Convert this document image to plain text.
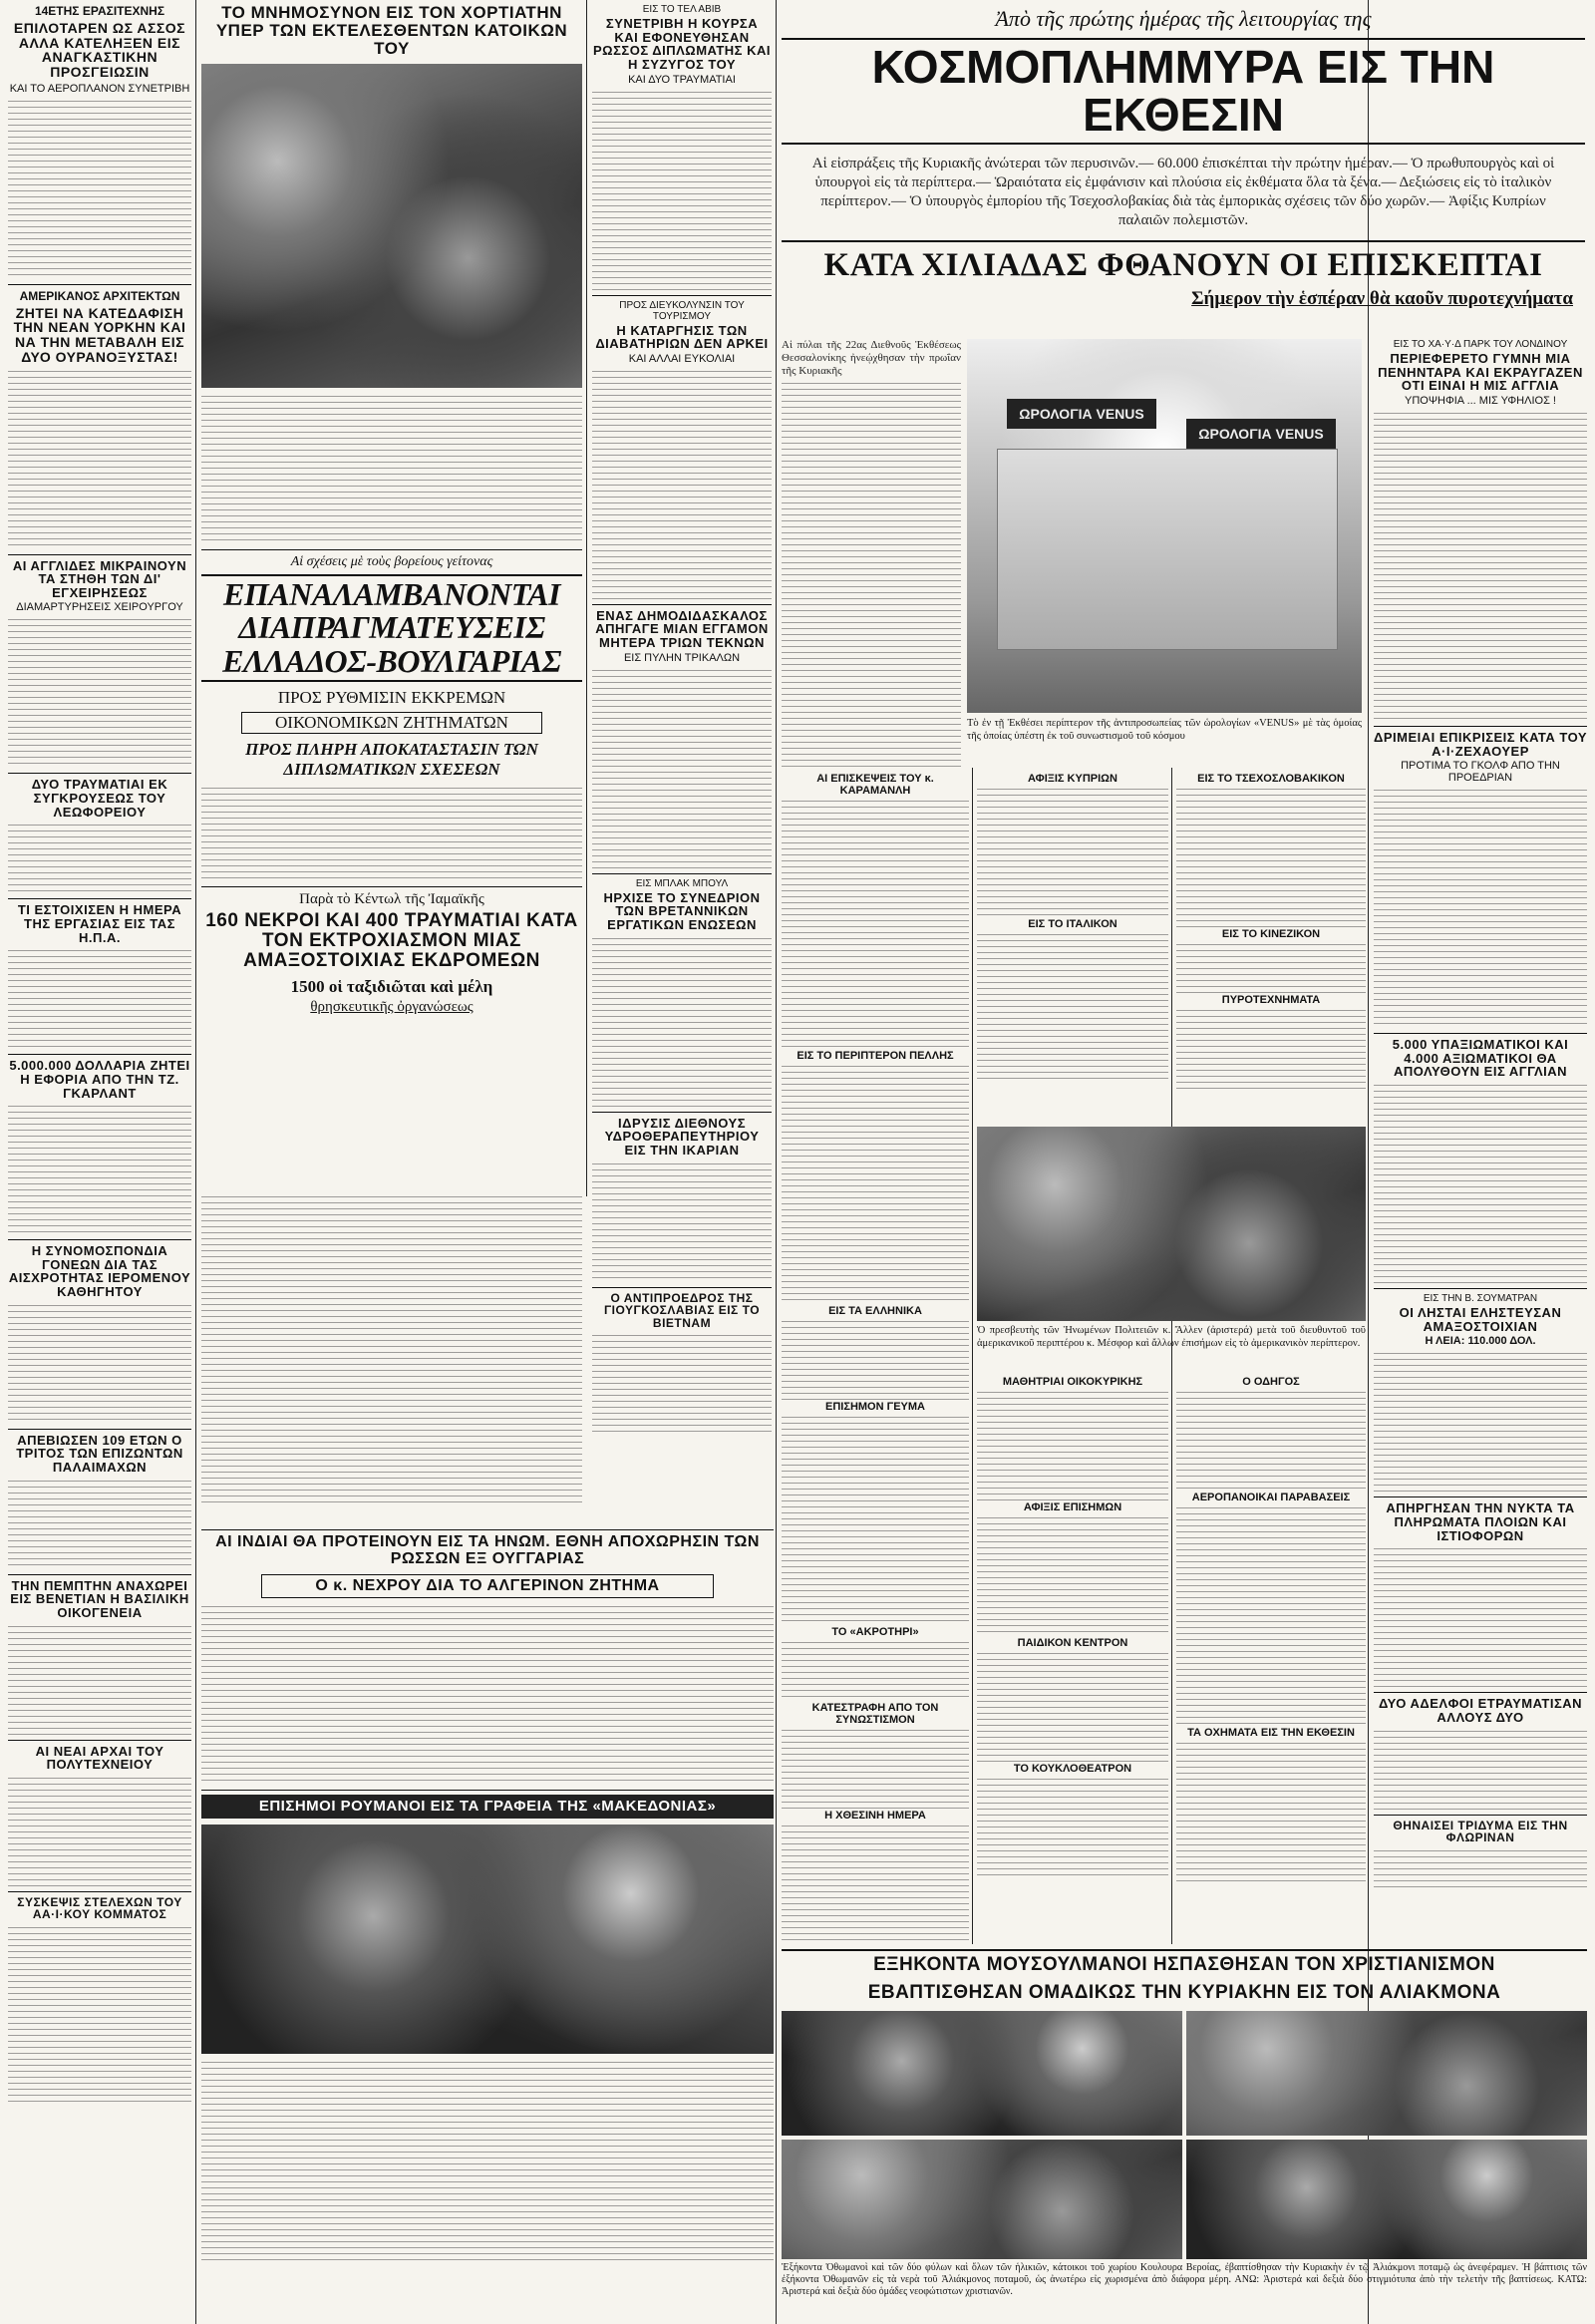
14ΕΤΗΣ ΕΡΑΣΙΤΕΧΝΗΣ

ΕΠΙΛΟΤΑΡΕΝ ΩΣ ΑΣΣΟΣ ΑΛΛΑ ΚΑΤΕΛΗΞΕΝ ΕΙΣ ΑΝΑΓΚΑΣΤΙΚΗΝ ΠΡΟΣΓΕΙΩΣΙΝ

ΚΑΙ ΤΟ ΑΕΡΟΠΛΑΝΟΝ ΣΥΝΕΤΡΙΒΗ

ΑΜΕΡΙΚΑΝΟΣ ΑΡΧΙΤΕΚΤΩΝ

ΖΗΤΕΙ ΝΑ ΚΑΤΕΔΑΦΙΣΗ ΤΗΝ ΝΕΑΝ ΥΟΡΚΗΝ ΚΑΙ ΝΑ ΤΗΝ ΜΕΤΑΒΑΛΗ ΕΙΣ ΔΥΟ ΟΥΡΑΝΟΞΥΣΤΑΣ!

ΑΙ ΑΓΓΛΙΔΕΣ ΜΙΚΡΑΙΝΟΥΝ ΤΑ ΣΤΗΘΗ ΤΩΝ ΔΙ' ΕΓΧΕΙΡΗΣΕΩΣ

ΔΙΑΜΑΡΤΥΡΗΣΕΙΣ ΧΕΙΡΟΥΡΓΟΥ

ΔΥΟ ΤΡΑΥΜΑΤΙΑΙ ΕΚ ΣΥΓΚΡΟΥΣΕΩΣ ΤΟΥ ΛΕΩΦΟΡΕΙΟΥ

ΤΙ ΕΣΤΟΙΧΙΣΕΝ Η ΗΜΕΡΑ ΤΗΣ ΕΡΓΑΣΙΑΣ ΕΙΣ ΤΑΣ Η.Π.Α.

5.000.000 ΔΟΛΛΑΡΙΑ ΖΗΤΕΙ Η ΕΦΟΡΙΑ ΑΠΟ ΤΗΝ ΤΖ. ΓΚΑΡΛΑΝΤ

Η ΣΥΝΟΜΟΣΠΟΝΔΙΑ ΓΟΝΕΩΝ ΔΙΑ ΤΑΣ ΑΙΣΧΡΟΤΗΤΑΣ ΙΕΡΟΜΕΝΟΥ ΚΑΘΗΓΗΤΟΥ

ΑΠΕΒΙΩΣΕΝ 109 ΕΤΩΝ Ο ΤΡΙΤΟΣ ΤΩΝ ΕΠΙΖΩΝΤΩΝ ΠΑΛΑΙΜΑΧΩΝ

ΤΗΝ ΠΕΜΠΤΗΝ ΑΝΑΧΩΡΕΙ ΕΙΣ ΒΕΝΕΤΙΑΝ Η ΒΑΣΙΛΙΚΗ ΟΙΚΟΓΕΝΕΙΑ

ΑΙ ΝΕΑΙ ΑΡΧΑΙ ΤΟΥ ΠΟΛΥΤΕΧΝΕΙΟΥ

ΣΥΣΚΕΨΙΣ ΣΤΕΛΕΧΩΝ ΤΟΥ ΑΑ·Ι·ΚΟΥ ΚΟΜΜΑΤΟΣ

ΤΟ ΜΝΗΜΟΣΥΝΟΝ ΕΙΣ ΤΟΝ ΧΟΡΤΙΑΤΗΝ ΥΠΕΡ ΤΩΝ ΕΚΤΕΛΕΣΘΕΝΤΩΝ ΚΑΤΟΙΚΩΝ ΤΟΥ

Αἱ σχέσεις μὲ τοὺς βορείους γείτονας

ΕΠΑΝΑΛΑΜΒΑΝΟΝΤΑΙ ΔΙΑΠΡΑΓΜΑΤΕΥΣΕΙΣ ΕΛΛΑΔΟΣ-ΒΟΥΛΓΑΡΙΑΣ

ΠΡΟΣ ΡΥΘΜΙΣΙΝ ΕΚΚΡΕΜΩΝ

ΟΙΚΟΝΟΜΙΚΩΝ ΖΗΤΗΜΑΤΩΝ

ΠΡΟΣ ΠΛΗΡΗ ΑΠΟΚΑΤΑΣΤΑΣΙΝ ΤΩΝ ΔΙΠΛΩΜΑΤΙΚΩΝ ΣΧΕΣΕΩΝ

Παρὰ τὸ Κέντωλ τῆς Ἰαμαϊκῆς

160 ΝΕΚΡΟΙ ΚΑΙ 400 ΤΡΑΥΜΑΤΙΑΙ ΚΑΤΑ ΤΟΝ ΕΚΤΡΟΧΙΑΣΜΟΝ ΜΙΑΣ ΑΜΑΞΟΣΤΟΙΧΙΑΣ ΕΚΔΡΟΜΕΩΝ

1500 οἱ ταξιδιῶται καὶ μέλη

θρησκευτικῆς ὀργανώσεως

ΑΙ ΙΝΔΙΑΙ ΘΑ ΠΡΟΤΕΙΝΟΥΝ ΕΙΣ ΤΑ ΗΝΩΜ. ΕΘΝΗ ΑΠΟΧΩΡΗΣΙΝ ΤΩΝ ΡΩΣΣΩΝ ΕΞ ΟΥΓΓΑΡΙΑΣ

Ο κ. ΝΕΧΡΟΥ ΔΙΑ ΤΟ ΑΛΓΕΡΙΝΟΝ ΖΗΤΗΜΑ

ΕΠΙΣΗΜΟΙ ΡΟΥΜΑΝΟΙ ΕΙΣ ΤΑ ΓΡΑΦΕΙΑ ΤΗΣ «ΜΑΚΕΔΟΝΙΑΣ»

ΕΙΣ ΤΟ ΤΕΛ ΑΒΙΒ

ΣΥΝΕΤΡΙΒΗ Η ΚΟΥΡΣΑ ΚΑΙ ΕΦΟΝΕΥΘΗΣΑΝ ΡΩΣΣΟΣ ΔΙΠΛΩΜΑΤΗΣ ΚΑΙ Η ΣΥΖΥΓΟΣ ΤΟΥ

ΚΑΙ ΔΥΟ ΤΡΑΥΜΑΤΙΑΙ

ΠΡΟΣ ΔΙΕΥΚΟΛΥΝΣΙΝ ΤΟΥ ΤΟΥΡΙΣΜΟΥ

Η ΚΑΤΑΡΓΗΣΙΣ ΤΩΝ ΔΙΑΒΑΤΗΡΙΩΝ ΔΕΝ ΑΡΚΕΙ

ΚΑΙ ΑΛΛΑΙ ΕΥΚΟΛΙΑΙ

ΕΝΑΣ ΔΗΜΟΔΙΔΑΣΚΑΛΟΣ ΑΠΗΓΑΓΕ ΜΙΑΝ ΕΓΓΑΜΟΝ ΜΗΤΕΡΑ ΤΡΙΩΝ ΤΕΚΝΩΝ

ΕΙΣ ΠΥΛΗΝ ΤΡΙΚΑΛΩΝ

ΕΙΣ ΜΠΛΑΚ ΜΠΟΥΛ

ΗΡΧΙΣΕ ΤΟ ΣΥΝΕΔΡΙΟΝ ΤΩΝ ΒΡΕΤΑΝΝΙΚΩΝ ΕΡΓΑΤΙΚΩΝ ΕΝΩΣΕΩΝ

ΙΔΡΥΣΙΣ ΔΙΕΘΝΟΥΣ ΥΔΡΟΘΕΡΑΠΕΥΤΗΡΙΟΥ ΕΙΣ ΤΗΝ ΙΚΑΡΙΑΝ

Ο ΑΝΤΙΠΡΟΕΔΡΟΣ ΤΗΣ ΓΙΟΥΓΚΟΣΛΑΒΙΑΣ ΕΙΣ ΤΟ ΒΙΕΤΝΑΜ

Ἀπὸ τῆς πρώτης ἡμέρας τῆς λειτουργίας της

ΚΟΣΜΟΠΛΗΜΜΥΡΑ ΕΙΣ ΤΗΝ ΕΚΘΕΣΙΝ

Αἱ εἰσπράξεις τῆς Κυριακῆς ἀνώτεραι τῶν περυσινῶν.— 60.000 ἐπισκέπται τὴν πρώτην ἡμέραν.— Ὁ πρωθυπουργὸς καὶ οἱ ὑπουργοὶ εἰς τὰ περίπτερα.— Ὡραιότατα εἰς ἐμφάνισιν καὶ πλούσια εἰς ἐκθέματα ὅλα τὰ ξένα.— Δεξιώσεις εἰς τὸ ἰταλικὸν περίπτερον.— Ὁ ὑπουργὸς ἐμπορίου τῆς Τσεχοσλοβακίας διὰ τὰς ἐμπορικὰς σχέσεις τῶν δύο χωρῶν.— Ἀφίξις Κυπρίων παλαιῶν πολεμιστῶν.

ΚΑΤΑ ΧΙΛΙΑΔΑΣ ΦΘΑΝΟΥΝ ΟΙ ΕΠΙΣΚΕΠΤΑΙ

Σήμερον τὴν ἑσπέραν θὰ καοῦν πυροτεχνήματα

Αἱ πύλαι τῆς 22ας Διεθνοῦς Ἐκθέσεως Θεσσαλονίκης ἠνεῴχθησαν τὴν πρωΐαν τῆς Κυριακῆς

ΩΡΟΛΟΓΙΑ VENUS
ΩΡΟΛΟΓΙΑ VENUS

Τὸ ἐν τῇ Ἐκθέσει περίπτερον τῆς ἀντιπροσωπείας τῶν ὡρολογίων «VENUS» μὲ τὰς ὁμοίας τῆς ὁποίας ὑπέστη ἐκ τοῦ συνωστισμοῦ τοῦ κόσμου

ΑΙ ΕΠΙΣΚΕΨΕΙΣ ΤΟΥ κ. ΚΑΡΑΜΑΝΛΗ

ΕΙΣ ΤΟ ΠΕΡΙΠΤΕΡΟΝ ΠΕΛΛΗΣ

ΕΙΣ ΤΑ ΕΛΛΗΝΙΚΑ

ΕΠΙΣΗΜΟΝ ΓΕΥΜΑ

ΤΟ «ΑΚΡΟΤΗΡΙ»

ΚΑΤΕΣΤΡΑΦΗ ΑΠΟ ΤΟΝ ΣΥΝΩΣΤΙΣΜΟΝ

Η ΧΘΕΣΙΝΗ ΗΜΕΡΑ

ΑΦΙΞΙΣ ΚΥΠΡΙΩΝ

ΕΙΣ ΤΟ ΙΤΑΛΙΚΟΝ

ΕΙΣ ΤΟ ΤΣΕΧΟΣΛΟΒΑΚΙΚΟΝ

ΕΙΣ ΤΟ ΚΙΝΕΖΙΚΟΝ

ΠΥΡΟΤΕΧΝΗΜΑΤΑ

Ὁ πρεσβευτὴς τῶν Ἡνωμένων Πολιτειῶν κ. Ἄλλεν (ἀριστερά) μετὰ τοῦ διευθυντοῦ τοῦ ἀμερικανικοῦ περιπτέρου κ. Μέσφορ καὶ ἄλλων ἐπισήμων εἰς τὸ ἀμερικανικὸν περίπτερον.

ΜΑΘΗΤΡΙΑΙ ΟΙΚΟΚΥΡΙΚΗΣ

ΑΦΙΞΙΣ ΕΠΙΣΗΜΩΝ

ΠΑΙΔΙΚΟΝ ΚΕΝΤΡΟΝ

ΤΟ ΚΟΥΚΛΟΘΕΑΤΡΟΝ

Ο ΟΔΗΓΟΣ

ΑΕΡΟΠΑΝΟΙΚΑΙ ΠΑΡΑΒΑΣΕΙΣ

ΤΑ ΟΧΗΜΑΤΑ ΕΙΣ ΤΗΝ ΕΚΘΕΣΙΝ

ΕΙΣ ΤΟ ΧΑ·Υ·Δ ΠΑΡΚ ΤΟΥ ΛΟΝΔΙΝΟΥ

ΠΕΡΙΕΦΕΡΕΤΟ ΓΥΜΝΗ ΜΙΑ ΠΕΝΗΝΤΑΡΑ ΚΑΙ ΕΚΡΑΥΓΑΖΕΝ ΟΤΙ ΕΙΝΑΙ Η ΜΙΣ ΑΓΓΛΙΑ

ΥΠΟΨΗΦΙΑ ... ΜΙΣ ΥΦΗΛΙΟΣ !

ΔΡΙΜΕΙΑΙ ΕΠΙΚΡΙΣΕΙΣ ΚΑΤΑ ΤΟΥ Α·Ι·ΖΕΧΑΟΥΕΡ

ΠΡΟΤΙΜΑ ΤΟ ΓΚΟΛΦ ΑΠΟ ΤΗΝ ΠΡΟΕΔΡΙΑΝ

5.000 ΥΠΑΞΙΩΜΑΤΙΚΟΙ ΚΑΙ 4.000 ΑΞΙΩΜΑΤΙΚΟΙ ΘΑ ΑΠΟΛΥΘΟΥΝ ΕΙΣ ΑΓΓΛΙΑΝ

ΕΙΣ ΤΗΝ Β. ΣΟΥΜΑΤΡΑΝ

ΟΙ ΛΗΣΤΑΙ ΕΛΗΣΤΕΥΣΑΝ ΑΜΑΞΟΣΤΟΙΧΙΑΝ

Η ΛΕΙΑ: 110.000 ΔΟΛ.

ΑΠΗΡΓΗΣΑΝ ΤΗΝ ΝΥΚΤΑ ΤΑ ΠΛΗΡΩΜΑΤΑ ΠΛΟΙΩΝ ΚΑΙ ΙΣΤΙΟΦΟΡΩΝ

ΔΥΟ ΑΔΕΛΦΟΙ ΕΤΡΑΥΜΑΤΙΣΑΝ ΑΛΛΟΥΣ ΔΥΟ

ΘΗΝΑΙΣΕΙ ΤΡΙΔΥΜΑ ΕΙΣ ΤΗΝ ΦΛΩΡΙΝΑΝ

ΕΞΗΚΟΝΤΑ ΜΟΥΣΟΥΛΜΑΝΟΙ ΗΣΠΑΣΘΗΣΑΝ ΤΟΝ ΧΡΙΣΤΙΑΝΙΣΜΟΝ

ΕΒΑΠΤΙΣΘΗΣΑΝ ΟΜΑΔΙΚΩΣ ΤΗΝ ΚΥΡΙΑΚΗΝ ΕΙΣ ΤΟΝ ΑΛΙΑΚΜΟΝΑ

Ἐξήκοντα Ὀθωμανοὶ καὶ τῶν δύο φύλων καὶ ὅλων τῶν ἡλικιῶν, κάτοικοι τοῦ χωρίου Κουλουρα Βεροίας, ἐβαπτίσθησαν τὴν Κυριακὴν ἐν τῷ Ἀλιάκμονι ποταμῷ ὡς ἀνεφέραμεν. Ἡ βάπτισις τῶν ἐξήκοντα Ὀθωμανῶν εἰς τὰ νερὰ τοῦ Ἀλιάκμονος ποταμοῦ, ὡς ἀνωτέρω εἰς χωρισμένα ἀπὸ διάφορα μέρη. ΑΝΩ: Ἀριστερά καὶ δεξιὰ δύο στιγμιότυπα ἀπὸ τὴν τελετὴν τῆς βαπτίσεως. ΚΑΤΩ: Ἀριστερά καὶ δεξιὰ δύο ὁμάδες νεοφώτιστων χριστιανῶν.
